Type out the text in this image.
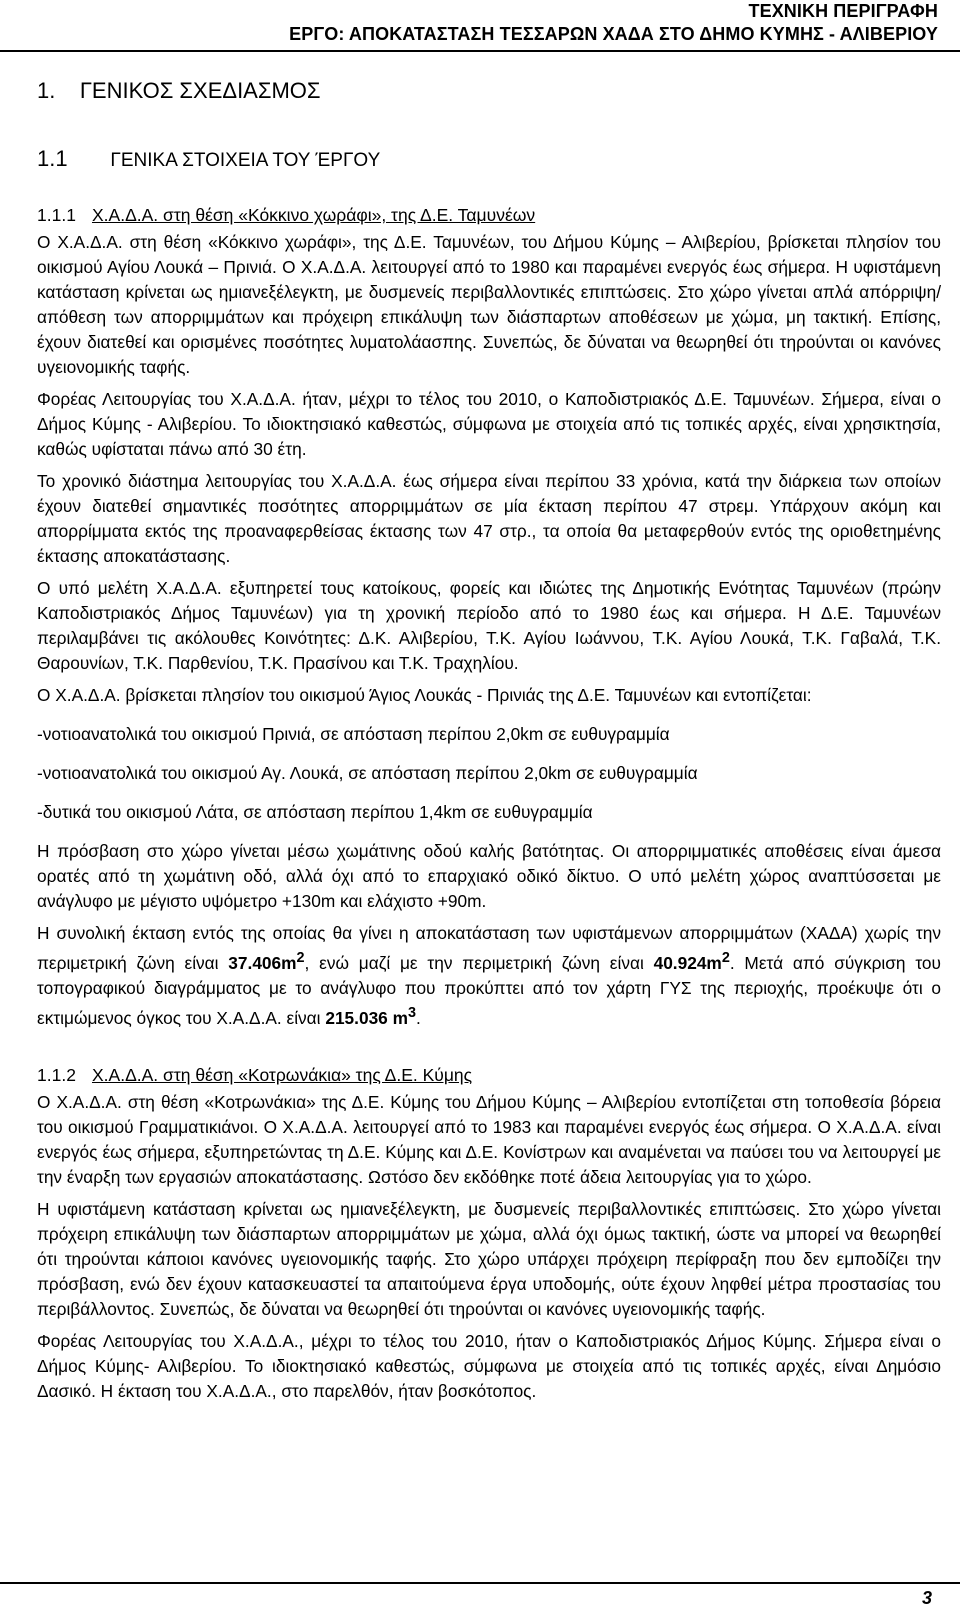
ΤΕΧΝΙΚΗ ΠΕΡΙΓΡΑΦΗ
ΕΡΓΟ: ΑΠΟΚΑΤΑΣΤΑΣΗ ΤΕΣΣΑΡΩΝ ΧΑΔΑ ΣΤΟ ΔΗΜΟ ΚΥΜΗΣ - ΑΛΙΒΕΡΙΟΥ
1. ΓΕΝΙΚΟΣ ΣΧΕΔΙΑΣΜΟΣ
1.1 ΓΕΝΙΚΑ ΣΤΟΙΧΕΙΑ ΤΟΥ ΈΡΓΟΥ
1.1.1 Χ.Α.Δ.Α. στη θέση «Κόκκινο χωράφι», της Δ.Ε. Ταμυνέων

Ο Χ.Α.Δ.Α. στη θέση «Κόκκινο χωράφι», της Δ.Ε. Ταμυνέων, του Δήμου Κύμης – Αλιβερίου, βρίσκεται πλησίον του οικισμού Αγίου Λουκά – Πρινιά. Ο Χ.Α.Δ.Α. λειτουργεί από το 1980 και παραμένει ενεργός έως σήμερα. Η υφιστάμενη κατάσταση κρίνεται ως ημιανεξέλεγκτη, με δυσμενείς περιβαλλοντικές επιπτώσεις. Στο χώρο γίνεται απλά απόρριψη/απόθεση των απορριμμάτων και πρόχειρη επικάλυψη των διάσπαρτων αποθέσεων με χώμα, μη τακτική. Επίσης, έχουν διατεθεί και ορισμένες ποσότητες λυματολάασπης. Συνεπώς, δε δύναται να θεωρηθεί ότι τηρούνται οι κανόνες υγειονομικής ταφής.

Φορέας Λειτουργίας του Χ.Α.Δ.Α. ήταν, μέχρι το τέλος του 2010, ο Καποδιστριακός Δ.Ε. Ταμυνέων. Σήμερα, είναι ο Δήμος Κύμης - Αλιβερίου. Το ιδιοκτησιακό καθεστώς, σύμφωνα με στοιχεία από τις τοπικές αρχές, είναι χρησικτησία, καθώς υφίσταται πάνω από 30 έτη.

Το χρονικό διάστημα λειτουργίας του Χ.Α.Δ.Α. έως σήμερα είναι περίπου 33 χρόνια, κατά την διάρκεια των οποίων έχουν διατεθεί σημαντικές ποσότητες απορριμμάτων σε μία έκταση περίπου 47 στρεμ. Υπάρχουν ακόμη και απορρίμματα εκτός της προαναφερθείσας έκτασης των 47 στρ., τα οποία θα μεταφερθούν εντός της οριοθετημένης έκτασης αποκατάστασης.

Ο υπό μελέτη Χ.Α.Δ.Α. εξυπηρετεί τους κατοίκους, φορείς και ιδιώτες της Δημοτικής Ενότητας Ταμυνέων (πρώην Καποδιστριακός Δήμος Ταμυνέων) για τη χρονική περίοδο από το 1980 έως και σήμερα. Η Δ.Ε. Ταμυνέων περιλαμβάνει τις ακόλουθες Κοινότητες: Δ.Κ. Αλιβερίου, Τ.Κ. Αγίου Ιωάννου, Τ.Κ. Αγίου Λουκά, Τ.Κ. Γαβαλά, Τ.Κ. Θαρουνίων, Τ.Κ. Παρθενίου, Τ.Κ. Πρασίνου και Τ.Κ. Τραχηλίου.

Ο Χ.Α.Δ.Α. βρίσκεται πλησίον του οικισμού Άγιος Λουκάς - Πρινιάς της Δ.Ε. Ταμυνέων και εντοπίζεται:

-νοτιοανατολικά του οικισμού Πρινιά, σε απόσταση περίπου 2,0km σε ευθυγραμμία

-νοτιοανατολικά του οικισμού Αγ. Λουκά, σε απόσταση περίπου 2,0km σε ευθυγραμμία

-δυτικά του οικισμού Λάτα, σε απόσταση περίπου 1,4km σε ευθυγραμμία

Η πρόσβαση στο χώρο γίνεται μέσω χωμάτινης οδού καλής βατότητας. Οι απορριμματικές αποθέσεις είναι άμεσα ορατές από τη χωμάτινη οδό, αλλά όχι από το επαρχιακό οδικό δίκτυο. Ο υπό μελέτη χώρος αναπτύσσεται με ανάγλυφο με μέγιστο υψόμετρο +130m και ελάχιστο +90m.

Η συνολική έκταση εντός της οποίας θα γίνει η αποκατάσταση των υφιστάμενων απορριμμάτων (ΧΑΔΑ) χωρίς την περιμετρική ζώνη είναι $37.406m^2$, ενώ μαζί με την περιμετρική ζώνη είναι $40.924m^2$. Μετά από σύγκριση του τοπογραφικού διαγράμματος με το ανάγλυφο που προκύπτει από τον χάρτη ΓΥΣ της περιοχής, προέκυψε ότι ο εκτιμώμενος όγκος του Χ.Α.Δ.Α. είναι 215.036 $m^3$.

1.1.2 Χ.Α.Δ.Α. στη θέση «Κοτρωνάκια» της Δ.Ε. Κύμης

Ο Χ.Α.Δ.Α. στη θέση «Κοτρωνάκια» της Δ.Ε. Κύμης του Δήμου Κύμης – Αλιβερίου εντοπίζεται στη τοποθεσία βόρεια του οικισμού Γραμματικιάνοι. Ο Χ.Α.Δ.Α. λειτουργεί από το 1983 και παραμένει ενεργός έως σήμερα. Ο Χ.Α.Δ.Α. είναι ενεργός έως σήμερα, εξυπηρετώντας τη Δ.Ε. Κύμης και Δ.Ε. Κονίστρων και αναμένεται να παύσει του να λειτουργεί με την έναρξη των εργασιών αποκατάστασης. Ωστόσο δεν εκδόθηκε ποτέ άδεια λειτουργίας για το χώρο.

Η υφιστάμενη κατάσταση κρίνεται ως ημιανεξέλεγκτη, με δυσμενείς περιβαλλοντικές επιπτώσεις. Στο χώρο γίνεται πρόχειρη επικάλυψη των διάσπαρτων απορριμμάτων με χώμα, αλλά όχι όμως τακτική, ώστε να μπορεί να θεωρηθεί ότι τηρούνται κάποιοι κανόνες υγειονομικής ταφής. Στο χώρο υπάρχει πρόχειρη περίφραξη που δεν εμποδίζει την πρόσβαση, ενώ δεν έχουν κατασκευαστεί τα απαιτούμενα έργα υποδομής, ούτε έχουν ληφθεί μέτρα προστασίας του περιβάλλοντος. Συνεπώς, δε δύναται να θεωρηθεί ότι τηρούνται οι κανόνες υγειονομικής ταφής.

Φορέας Λειτουργίας του Χ.Α.Δ.Α., μέχρι το τέλος του 2010, ήταν ο Καποδιστριακός Δήμος Κύμης. Σήμερα είναι ο Δήμος Κύμης- Αλιβερίου. Το ιδιοκτησιακό καθεστώς, σύμφωνα με στοιχεία από τις τοπικές αρχές, είναι Δημόσιο Δασικό. Η έκταση του Χ.Α.Δ.Α., στο παρελθόν, ήταν βοσκότοπος.

3
